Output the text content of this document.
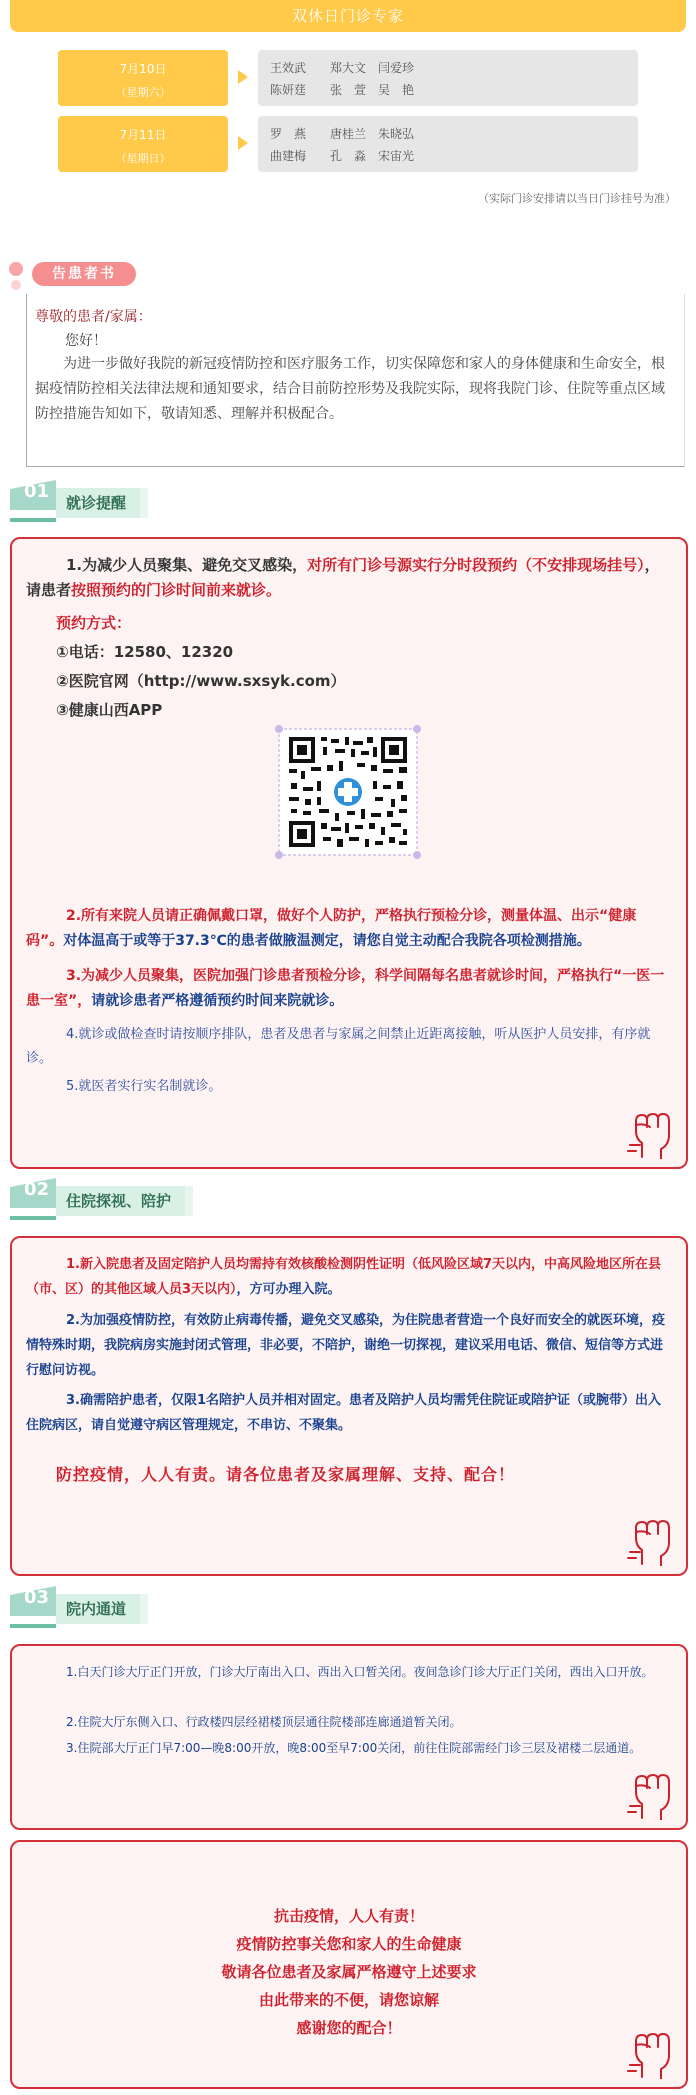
双休日门诊专家
7月10日
（星期六）
王效武　　郑大文　闫爱珍
陈妍莛　　张　萱　吴　艳
7月11日
（星期日）
罗　燕　　唐桂兰　朱晓弘
曲建梅　　孔　淼　宋宙光
（实际门诊安排请以当日门诊挂号为准）
告患者书
尊敬的患者/家属：
您好！
为进一步做好我院的新冠疫情防控和医疗服务工作，切实保障您和家人的身体健康和生命安全，根据疫情防控相关法律法规和通知要求，结合目前防控形势及我院实际，现将我院门诊、住院等重点区域防控措施告知如下，敬请知悉、理解并积极配合。
01
就诊提醒

1.为减少人员聚集、避免交叉感染，对所有门诊号源实行分时段预约（不安排现场挂号），请患者按照预约的门诊时间前来就诊。

预约方式：
①电话：12580、12320
②医院官网（http://www.sxsyk.com）
③健康山西APP

2.所有来院人员请正确佩戴口罩，做好个人防护，严格执行预检分诊，测量体温、出示“健康码”。对体温高于或等于37.3℃的患者做腋温测定，请您自觉主动配合我院各项检测措施。

3.为减少人员聚集，医院加强门诊患者预检分诊，科学间隔每名患者就诊时间，严格执行“一医一患一室”，请就诊患者严格遵循预约时间来院就诊。

4.就诊或做检查时请按顺序排队，患者及患者与家属之间禁止近距离接触，听从医护人员安排，有序就诊。

5.就医者实行实名制就诊。

02
住院探视、陪护

1.新入院患者及固定陪护人员均需持有效核酸检测阴性证明（低风险区域7天以内，中高风险地区所在县（市、区）的其他区域人员3天以内），方可办理入院。

2.为加强疫情防控，有效防止病毒传播，避免交叉感染，为住院患者营造一个良好而安全的就医环境，疫情特殊时期，我院病房实施封闭式管理，非必要，不陪护，谢绝一切探视，建议采用电话、微信、短信等方式进行慰问访视。

3.确需陪护患者，仅限1名陪护人员并相对固定。患者及陪护人员均需凭住院证或陪护证（或腕带）出入住院病区，请自觉遵守病区管理规定，不串访、不聚集。

防控疫情，人人有责。请各位患者及家属理解、支持、配合！
03
院内通道

1.白天门诊大厅正门开放，门诊大厅南出入口、西出入口暂关闭。夜间急诊门诊大厅正门关闭，西出入口开放。

2.住院大厅东侧入口、行政楼四层经裙楼顶层通往院楼部连廊通道暂关闭。

3.住院部大厅正门早7:00—晚8:00开放，晚8:00至早7:00关闭，前往住院部需经门诊三层及裙楼二层通道。

抗击疫情，人人有责！
疫情防控事关您和家人的生命健康
敬请各位患者及家属严格遵守上述要求
由此带来的不便，请您谅解
感谢您的配合！
